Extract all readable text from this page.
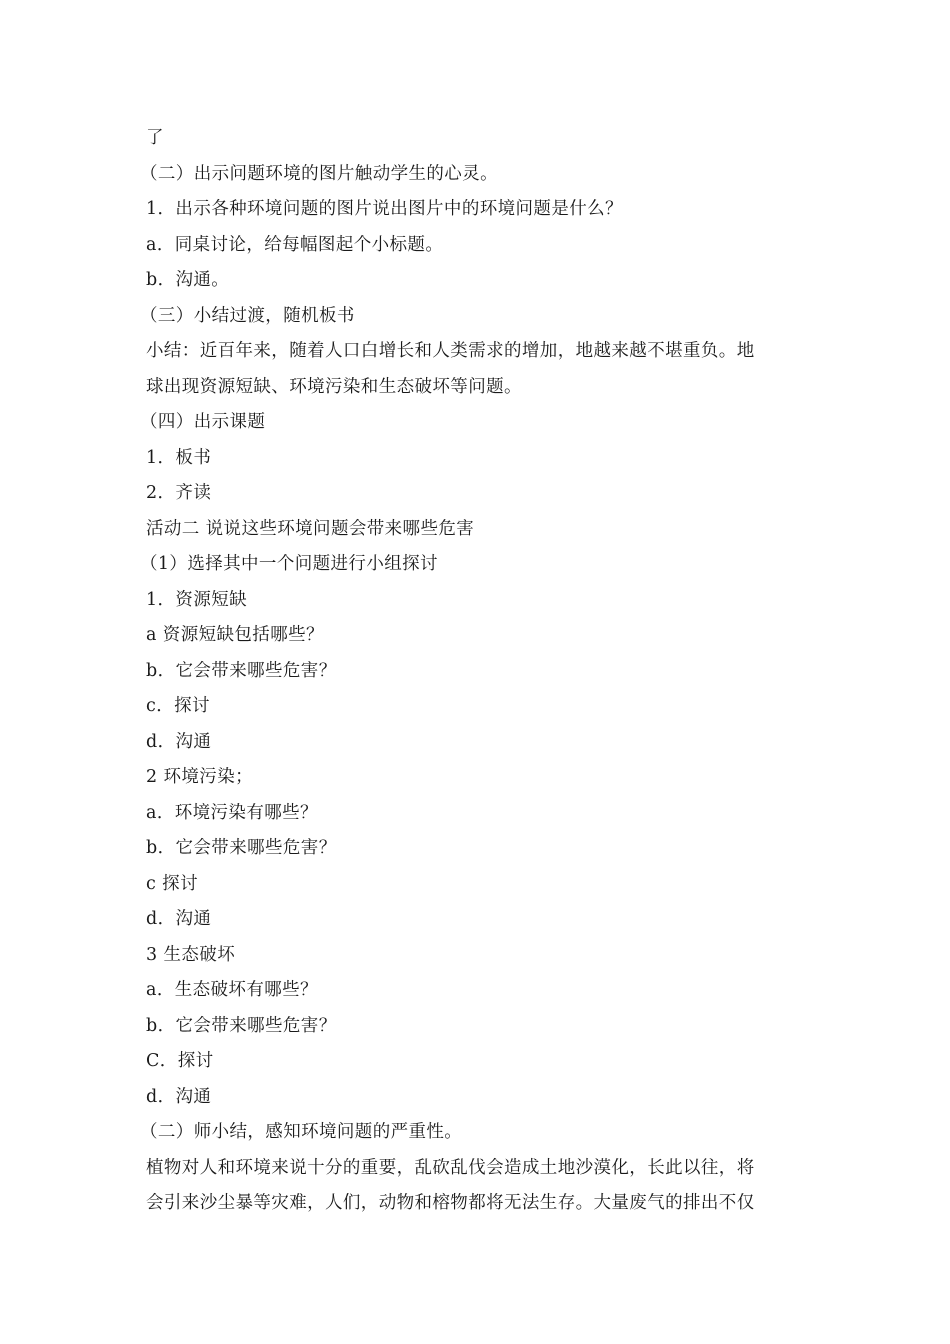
了
（二）出示问题环境的图片触动学生的心灵。
1．出示各种环境问题的图片说出图片中的环境问题是什么？
a．同桌讨论，给每幅图起个小标题。
b．沟通。
（三）小结过渡，随机板书
小结：近百年来，随着人口白增长和人类需求的增加，地越来越不堪重负。地
球出现资源短缺、环境污染和生态破坏等问题。
（四）出示课题
1．板书
2．齐读
活动二 说说这些环境问题会带来哪些危害
（1）选择其中一个问题进行小组探讨
1．资源短缺
a 资源短缺包括哪些？
b．它会带来哪些危害？
c．探讨
d．沟通
2 环境污染；
a．环境污染有哪些？
b．它会带来哪些危害？
c 探讨
d．沟通
3 生态破坏
a．生态破坏有哪些？
b．它会带来哪些危害？
C．探讨
d．沟通
（二）师小结，感知环境问题的严重性。
植物对人和环境来说十分的重要，乱砍乱伐会造成土地沙漠化，长此以往，将
会引来沙尘暴等灾难，人们，动物和榕物都将无法生存。大量废气的排出不仅
